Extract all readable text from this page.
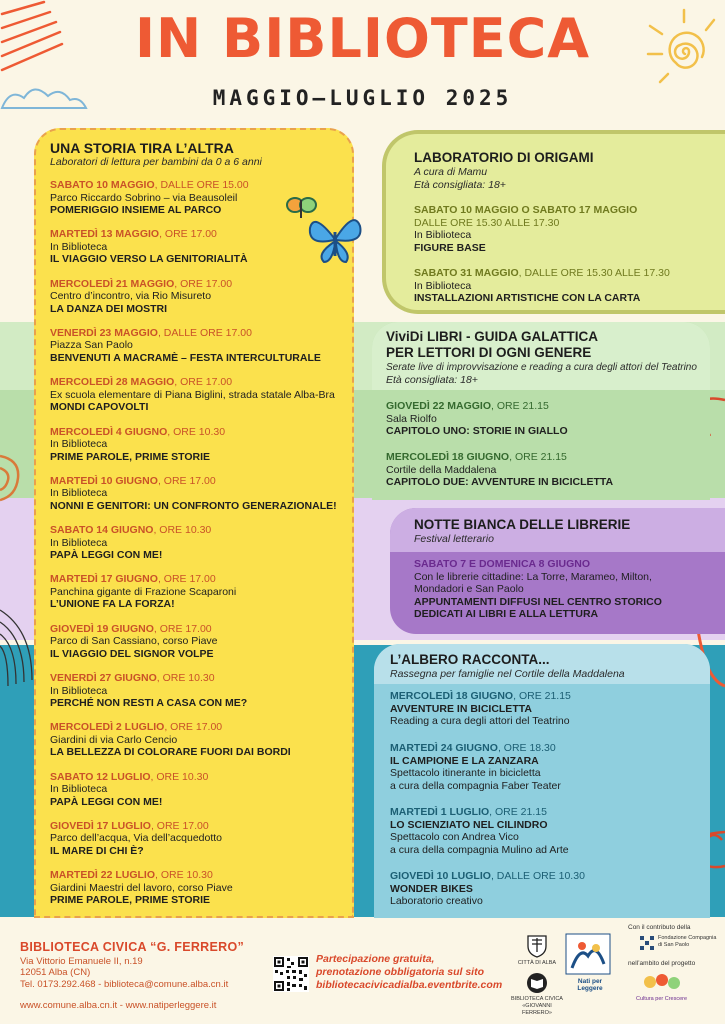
IN BIBLIOTECA
MAGGIO–LUGLIO 2025
UNA STORIA TIRA L’ALTRA
Laboratori di lettura per bambini da 0 a 6 anni
SABATO 10 MAGGIO, DALLE ORE 15.00
Parco Riccardo Sobrino – via Beausoleil
POMERIGGIO INSIEME AL PARCO
MARTEDÌ 13 MAGGIO, ORE 17.00
In Biblioteca
IL VIAGGIO VERSO LA GENITORIALITÀ
MERCOLEDÌ 21 MAGGIO, ORE 17.00
Centro d’incontro, via Rio Misureto
LA DANZA DEI MOSTRI
VENERDÌ 23 MAGGIO, DALLE ORE 17.00
Piazza San Paolo
BENVENUTI A MACRAMÈ – FESTA INTERCULTURALE
MERCOLEDÌ 28 MAGGIO, ORE 17.00
Ex scuola elementare di Piana Biglini, strada statale Alba-Bra
MONDI CAPOVOLTI
MERCOLEDÌ 4 GIUGNO, ORE 10.30
In Biblioteca
PRIME PAROLE, PRIME STORIE
MARTEDÌ 10 GIUGNO, ORE 17.00
In Biblioteca
NONNI E GENITORI: UN CONFRONTO GENERAZIONALE!
SABATO 14 GIUGNO, ORE 10.30
In Biblioteca
PAPÀ LEGGI CON ME!
MARTEDÌ 17 GIUGNO, ORE 17.00
Panchina gigante di Frazione Scaparoni
L’UNIONE FA LA FORZA!
GIOVEDÌ 19 GIUGNO, ORE 17.00
Parco di San Cassiano, corso Piave
IL VIAGGIO DEL SIGNOR VOLPE
VENERDÌ 27 GIUGNO, ORE 10.30
In Biblioteca
PERCHÉ NON RESTI A CASA CON ME?
MERCOLEDÌ 2 LUGLIO, ORE 17.00
Giardini di via Carlo Cencio
LA BELLEZZA DI COLORARE FUORI DAI BORDI
SABATO 12 LUGLIO, ORE 10.30
In Biblioteca
PAPÀ LEGGI CON ME!
GIOVEDÌ 17 LUGLIO, ORE 17.00
Parco dell’acqua, Via dell’acquedotto
IL MARE DI CHI È?
MARTEDÌ 22 LUGLIO, ORE 10.30
Giardini Maestri del lavoro, corso Piave
PRIME PAROLE, PRIME STORIE
LABORATORIO DI ORIGAMI
A cura di Mamu
Età consigliata: 18+
SABATO 10 MAGGIO O SABATO 17 MAGGIO
DALLE ORE 15.30 ALLE 17.30
In Biblioteca
FIGURE BASE
SABATO 31 MAGGIO, DALLE ORE 15.30 ALLE 17.30
In Biblioteca
INSTALLAZIONI ARTISTICHE CON LA CARTA
ViviDi LIBRI - GUIDA GALATTICA
PER LETTORI DI OGNI GENERE
Serate live di improvvisazione e reading a cura degli attori del Teatrino
Età consigliata: 18+
GIOVEDÌ 22 MAGGIO, ORE 21.15
Sala Riolfo
CAPITOLO UNO: STORIE IN GIALLO
MERCOLEDÌ 18 GIUGNO, ORE 21.15
Cortile della Maddalena
CAPITOLO DUE: AVVENTURE IN BICICLETTA
NOTTE BIANCA DELLE LIBRERIE
Festival letterario
SABATO 7 E DOMENICA 8 GIUGNO
Con le librerie cittadine: La Torre, Marameo, Milton,
Mondadori e San Paolo
APPUNTAMENTI DIFFUSI NEL CENTRO STORICO
DEDICATI AI LIBRI E ALLA LETTURA
L’ALBERO RACCONTA...
Rassegna per famiglie nel Cortile della Maddalena
MERCOLEDÌ 18 GIUGNO, ORE 21.15
AVVENTURE IN BICICLETTA
Reading a cura degli attori del Teatrino
MARTEDÌ 24 GIUGNO, ORE 18.30
IL CAMPIONE E LA ZANZARA
Spettacolo itinerante in bicicletta
a cura della compagnia Faber Teater
MARTEDÌ 1 LUGLIO, ORE 21.15
LO SCIENZIATO NEL CILINDRO
Spettacolo con Andrea Vico
a cura della compagnia Mulino ad Arte
GIOVEDÌ 10 LUGLIO, DALLE ORE 10.30
WONDER BIKES
Laboratorio creativo
BIBLIOTECA CIVICA “G. FERRERO”
Via Vittorio Emanuele II, n.19
12051 Alba (CN)
Tel. 0173.292.468 - biblioteca@comune.alba.cn.it
www.comune.alba.cn.it - www.natiperleggere.it
Partecipazione gratuita,
prenotazione obbligatoria sul sito
bibliotecacivicadialba.eventbrite.com
CITTÀ DI ALBA
BIBLIOTECA CIVICA «GIOVANNI FERRERO»
Nati per Leggere
Con il contributo della
Fondazione Compagnia di San Paolo
nell’ambito del progetto
Cultura per Crescere
